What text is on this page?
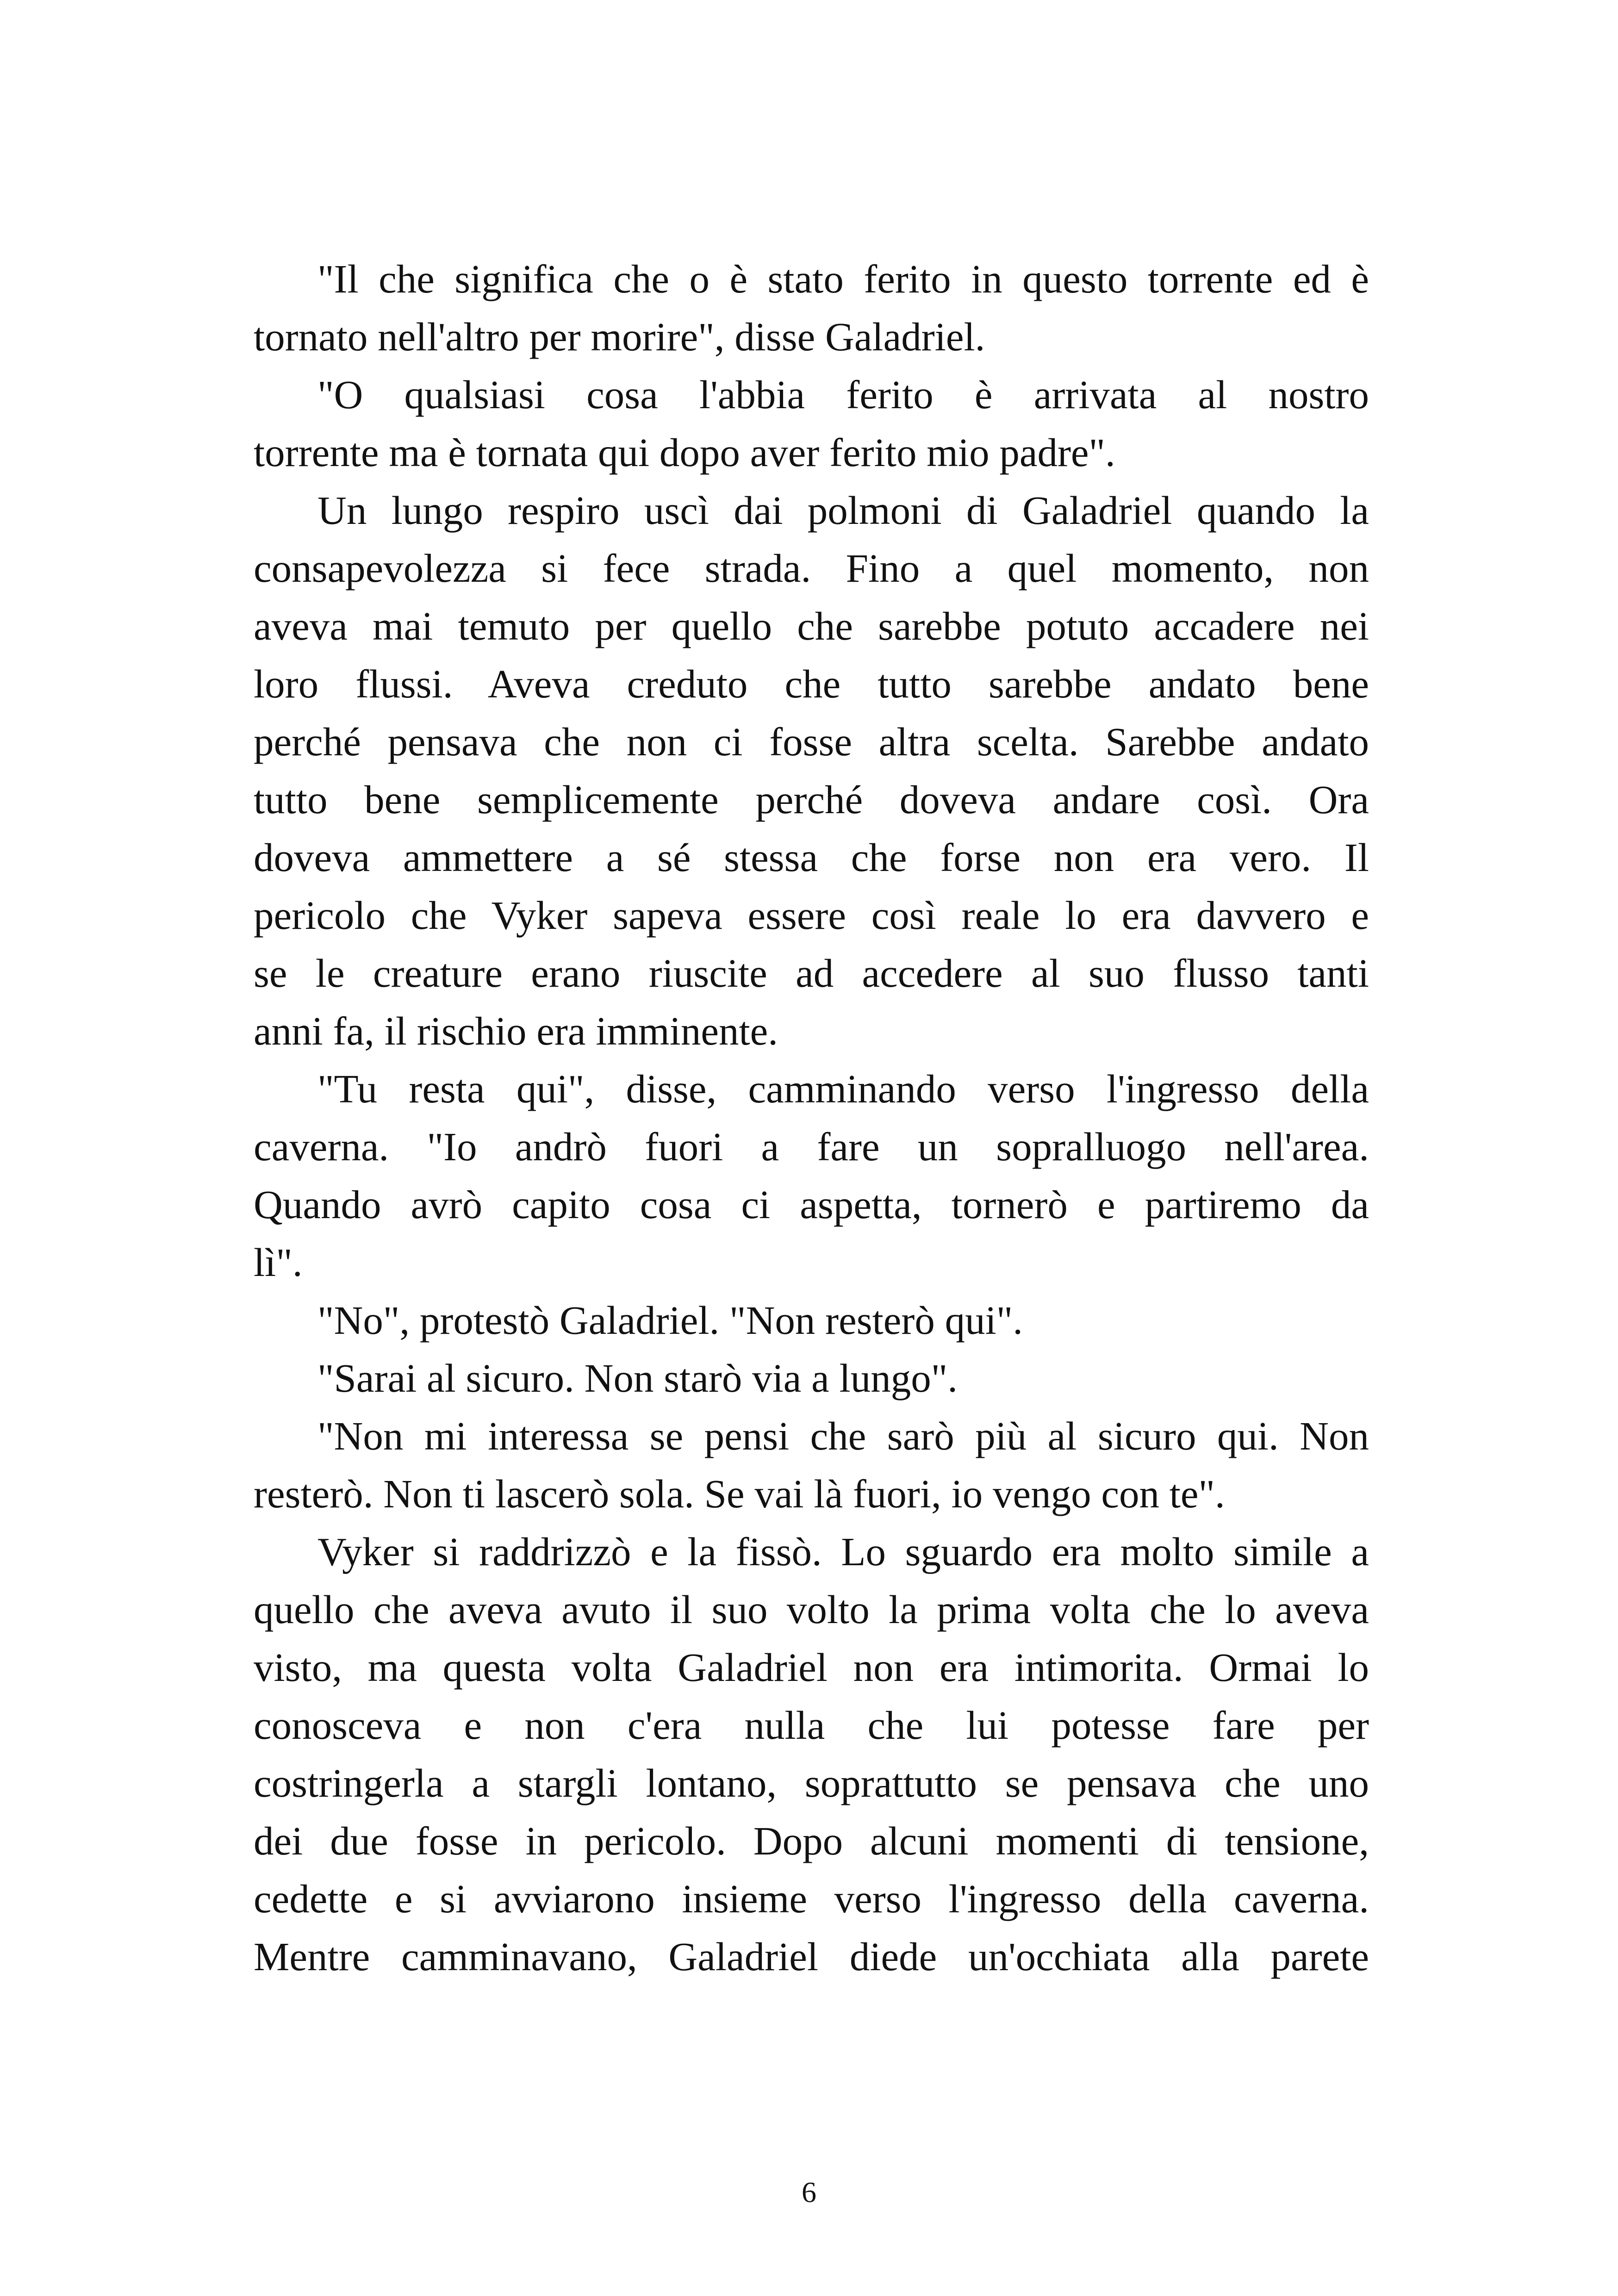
"Il che significa che o è stato ferito in questo torrente ed è
tornato nell'altro per morire", disse Galadriel.
"O qualsiasi cosa l'abbia ferito è arrivata al nostro
torrente ma è tornata qui dopo aver ferito mio padre".
Un lungo respiro uscì dai polmoni di Galadriel quando la
consapevolezza si fece strada. Fino a quel momento, non
aveva mai temuto per quello che sarebbe potuto accadere nei
loro flussi. Aveva creduto che tutto sarebbe andato bene
perché pensava che non ci fosse altra scelta. Sarebbe andato
tutto bene semplicemente perché doveva andare così. Ora
doveva ammettere a sé stessa che forse non era vero. Il
pericolo che Vyker sapeva essere così reale lo era davvero e
se le creature erano riuscite ad accedere al suo flusso tanti
anni fa, il rischio era imminente.
"Tu resta qui", disse, camminando verso l'ingresso della
caverna. "Io andrò fuori a fare un sopralluogo nell'area.
Quando avrò capito cosa ci aspetta, tornerò e partiremo da
lì".
"No", protestò Galadriel. "Non resterò qui".
"Sarai al sicuro. Non starò via a lungo".
"Non mi interessa se pensi che sarò più al sicuro qui. Non
resterò. Non ti lascerò sola. Se vai là fuori, io vengo con te".
Vyker si raddrizzò e la fissò. Lo sguardo era molto simile a
quello che aveva avuto il suo volto la prima volta che lo aveva
visto, ma questa volta Galadriel non era intimorita. Ormai lo
conosceva e non c'era nulla che lui potesse fare per
costringerla a stargli lontano, soprattutto se pensava che uno
dei due fosse in pericolo. Dopo alcuni momenti di tensione,
cedette e si avviarono insieme verso l'ingresso della caverna.
Mentre camminavano, Galadriel diede un'occhiata alla parete
6
